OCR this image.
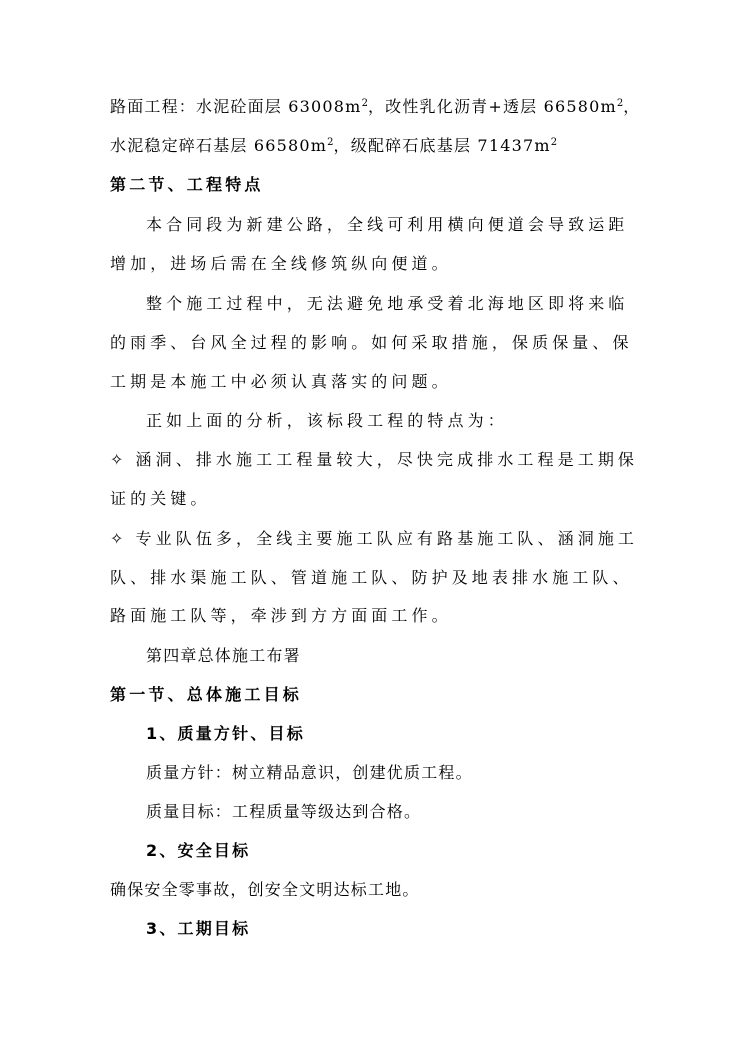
路面工程：水泥砼面层 $63008m^2$，改性乳化沥青+透层 $66580m^2$，
水泥稳定碎石基层 $66580m^2$，级配碎石底基层 $71437m^2$
第二节、工程特点
本合同段为新建公路，全线可利用横向便道会导致运距
增加，进场后需在全线修筑纵向便道。
整个施工过程中，无法避免地承受着北海地区即将来临
的雨季、台风全过程的影响。如何采取措施，保质保量、保
工期是本施工中必须认真落实的问题。
正如上面的分析，该标段工程的特点为：
✧ 涵洞、排水施工工程量较大，尽快完成排水工程是工期保
证的关键。
✧ 专业队伍多，全线主要施工队应有路基施工队、涵洞施工
队、排水渠施工队、管道施工队、防护及地表排水施工队、
路面施工队等，牵涉到方方面面工作。
第四章总体施工布署
第一节、总体施工目标
1、质量方针、目标
质量方针：树立精品意识，创建优质工程。
质量目标：工程质量等级达到合格。
2、安全目标
确保安全零事故，创安全文明达标工地。
3、工期目标
